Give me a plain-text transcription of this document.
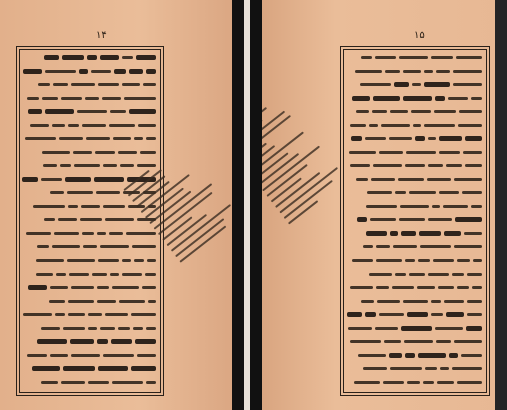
۱۴	۱۵
